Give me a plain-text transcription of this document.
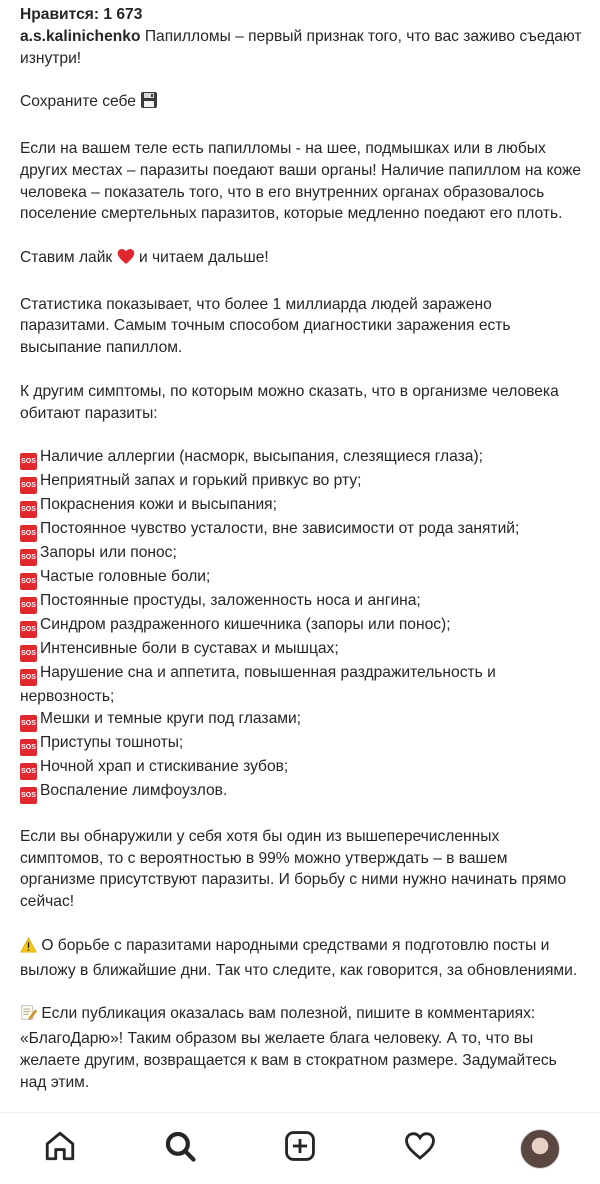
Нравится: 1 673

a.s.kalinichenko Папилломы – первый признак того, что вас заживо съедают изнутри!

Сохраните себе

Если на вашем теле есть папилломы - на шее, подмышках или в любых других местах – паразиты поедают ваши органы! Наличие папиллом на коже человека – показатель того, что в его внутренних органах образовалось поселение смертельных паразитов, которые медленно поедают его плоть.

Ставим лайк и читаем дальше!

Статистика показывает, что более 1 миллиарда людей заражено паразитами. Самым точным способом диагностики заражения есть высыпание папиллом.

К другим симптомы, по которым можно сказать, что в организме человека обитают паразиты:

SOS Наличие аллергии (насморк, высыпания, слезящиеся глаза);
SOS Неприятный запах и горький привкус во рту;
SOS Покраснения кожи и высыпания;
SOS Постоянное чувство усталости, вне зависимости от рода занятий;
SOS Запоры или понос;
SOS Частые головные боли;
SOS Постоянные простуды, заложенность носа и ангина;
SOS Синдром раздраженного кишечника (запоры или понос);
SOS Интенсивные боли в суставах и мышцах;
SOS Нарушение сна и аппетита, повышенная раздражительность и нервозность;
SOS Мешки и темные круги под глазами;
SOS Приступы тошноты;
SOS Ночной храп и стискивание зубов;
SOS Воспаление лимфоузлов.

Если вы обнаружили у себя хотя бы один из вышеперечисленных симптомов, то с вероятностью в 99% можно утверждать – в вашем организме присутствуют паразиты. И борьбу с ними нужно начинать прямо сейчас!

О борьбе с паразитами народными средствами я подготовлю посты и выложу в ближайшие дни. Так что следите, как говорится, за обновлениями.

Если публикация оказалась вам полезной, пишите в комментариях: «БлагоДарю»! Таким образом вы желаете блага человеку. А то, что вы желаете другим, возвращается к вам в стократном размере. Задумайтесь над этим.
